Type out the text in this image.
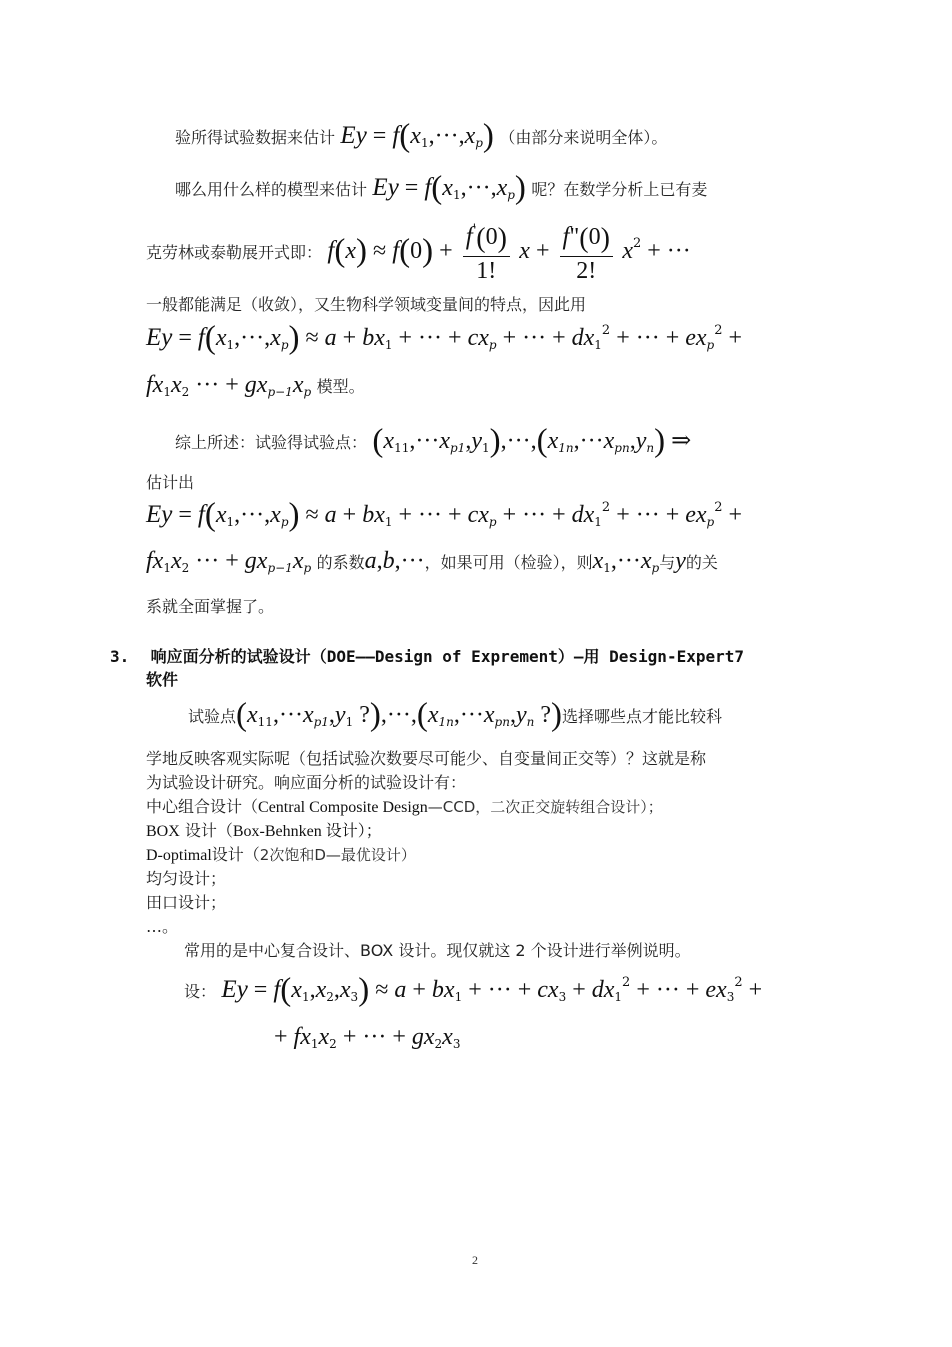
验所得试验数据来估计 $Ey = f(x_1,\cdot\cdot\cdot,x_p)$ （由部分来说明全体）。
哪么用什么样的模型来估计 $Ey = f(x_1,\cdot\cdot\cdot,x_p)$ 呢？在数学分析上已有麦
克劳林或泰勒展开式即： $f(x) \approx f(0) + \frac{f'(0)}{1!}$ $x + \frac{f"(0)}{2!} x^2$ + ···
一般都能满足（收敛），又生物科学领域变量间的特点，因此用
$Ey = f(x_1,\cdot\cdot\cdot,x_p) \approx a + bx_1$ + ··· + $cx_p$ + ··· + $dx_1^2$ + ··· + $ex_p^2$ +
$fx_1x_2$ ··· + $gx_{p-1}x_p$ 模型。
综上所述：试验得试验点： $(x_{11},\cdot\cdot\cdot x_{p1},y_1),\cdot\cdot\cdot,(x_{1n},\cdot\cdot\cdot x_{pn},y_n)$ ⇒
估计出
$Ey = f(x_1,\cdot\cdot\cdot,x_p) \approx a + bx_1$ + ··· + $cx_p$ + ··· + $dx_1^2$ + ··· + $ex_p^2$ +
$fx_1x_2$ ··· + $gx_{p-1}x_p$ 的系数a,b,···，如果可用（检验），则$x_1,\cdot\cdot\cdot x_p$与y的关
系就全面掌握了。
3. 响应面分析的试验设计（DOE——Design of Exprement）—用 Design-Expert7
软件
试验点($x_{11},\cdot\cdot\cdot x_{p1},y_1$ $?),\cdot\cdot\cdot,(x_{1n},\cdot\cdot\cdot x_{pn},y_n$ ?)选择哪些点才能比较科
学地反映客观实际呢（包括试验次数要尽可能少、自变量间正交等）？这就是称
为试验设计研究。响应面分析的试验设计有：
中心组合设计（Central Composite Design—CCD，二次正交旋转组合设计）；
BOX 设计（Box-Behnken 设计）；
D-optimal设计（2次饱和D—最优设计）
均匀设计；
田口设计；
…。
常用的是中心复合设计、BOX 设计。现仅就这 2 个设计进行举例说明。
设： $Ey = f(x_1,x_2,x_3) \approx a + bx_1$ + ··· + $cx_3 + dx_1^2$ + ··· + $ex_3^2$ +
+ $fx_1x_2$ + ··· + $gx_2x_3$
2
